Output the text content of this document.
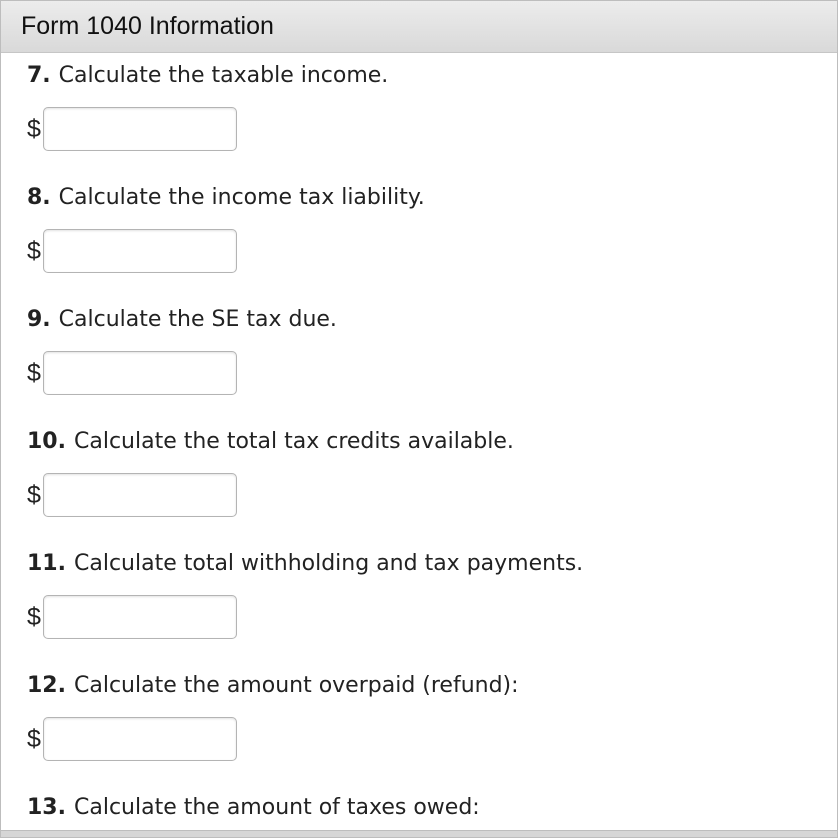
Form 1040 Information
7. Calculate the taxable income.
$
8. Calculate the income tax liability.
$
9. Calculate the SE tax due.
$
10. Calculate the total tax credits available.
$
11. Calculate total withholding and tax payments.
$
12. Calculate the amount overpaid (refund):
$
13. Calculate the amount of taxes owed:
